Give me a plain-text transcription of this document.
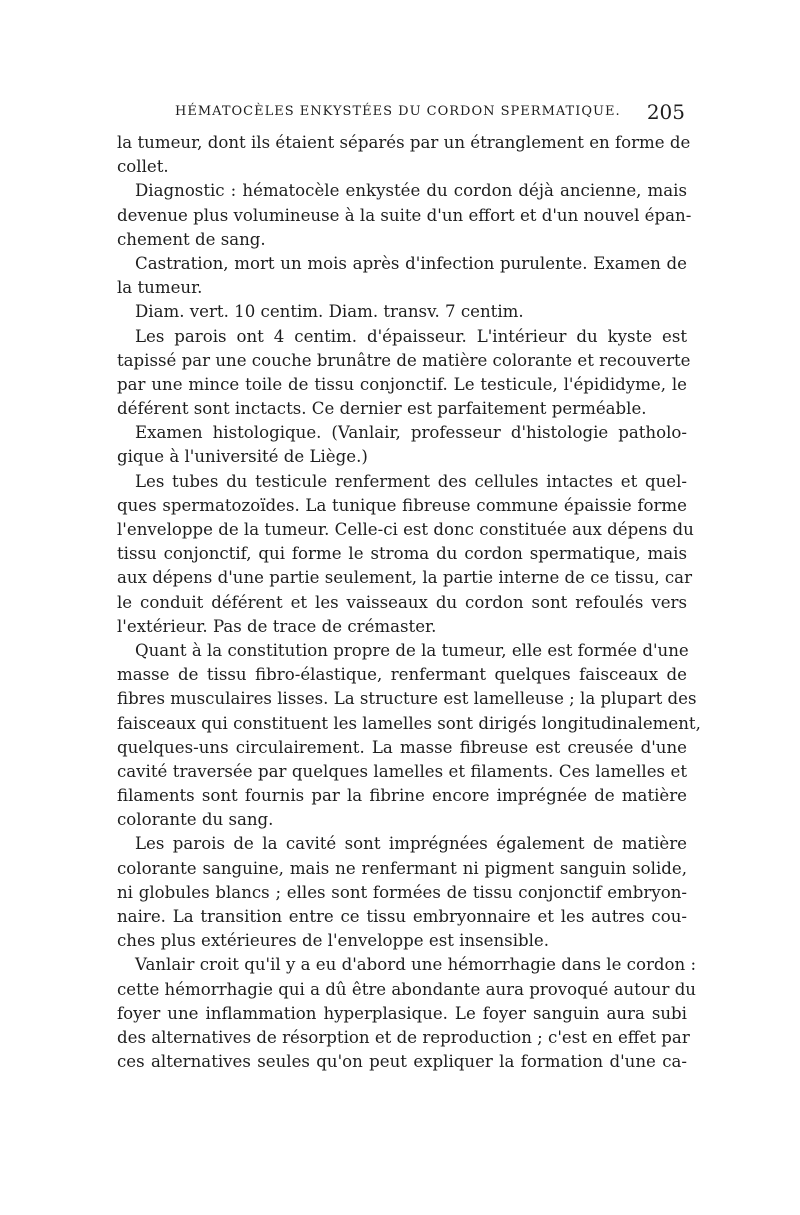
HÉMATOCÈLES ENKYSTÉES DU CORDON SPERMATIQUE. 205
la tumeur, dont ils étaient séparés par un étranglement en forme de
collet.
Diagnostic : hématocèle enkystée du cordon déjà ancienne, mais
devenue plus volumineuse à la suite d'un effort et d'un nouvel épan-
chement de sang.
Castration, mort un mois après d'infection purulente. Examen de
la tumeur.
Diam. vert. 10 centim. Diam. transv. 7 centim.
Les parois ont 4 centim. d'épaisseur. L'intérieur du kyste est
tapissé par une couche brunâtre de matière colorante et recouverte
par une mince toile de tissu conjonctif. Le testicule, l'épididyme, le
déférent sont inctacts. Ce dernier est parfaitement perméable.
Examen histologique. (Vanlair, professeur d'histologie patholo-
gique à l'université de Liège.)
Les tubes du testicule renferment des cellules intactes et quel-
ques spermatozoïdes. La tunique fibreuse commune épaissie forme
l'enveloppe de la tumeur. Celle-ci est donc constituée aux dépens du
tissu conjonctif, qui forme le stroma du cordon spermatique, mais
aux dépens d'une partie seulement, la partie interne de ce tissu, car
le conduit déférent et les vaisseaux du cordon sont refoulés vers
l'extérieur. Pas de trace de crémaster.
Quant à la constitution propre de la tumeur, elle est formée d'une
masse de tissu fibro-élastique, renfermant quelques faisceaux de
fibres musculaires lisses. La structure est lamelleuse ; la plupart des
faisceaux qui constituent les lamelles sont dirigés longitudinalement,
quelques-uns circulairement. La masse fibreuse est creusée d'une
cavité traversée par quelques lamelles et filaments. Ces lamelles et
filaments sont fournis par la fibrine encore imprégnée de matière
colorante du sang.
Les parois de la cavité sont imprégnées également de matière
colorante sanguine, mais ne renfermant ni pigment sanguin solide,
ni globules blancs ; elles sont formées de tissu conjonctif embryon-
naire. La transition entre ce tissu embryonnaire et les autres cou-
ches plus extérieures de l'enveloppe est insensible.
Vanlair croit qu'il y a eu d'abord une hémorrhagie dans le cordon :
cette hémorrhagie qui a dû être abondante aura provoqué autour du
foyer une inflammation hyperplasique. Le foyer sanguin aura subi
des alternatives de résorption et de reproduction ; c'est en effet par
ces alternatives seules qu'on peut expliquer la formation d'une ca-
